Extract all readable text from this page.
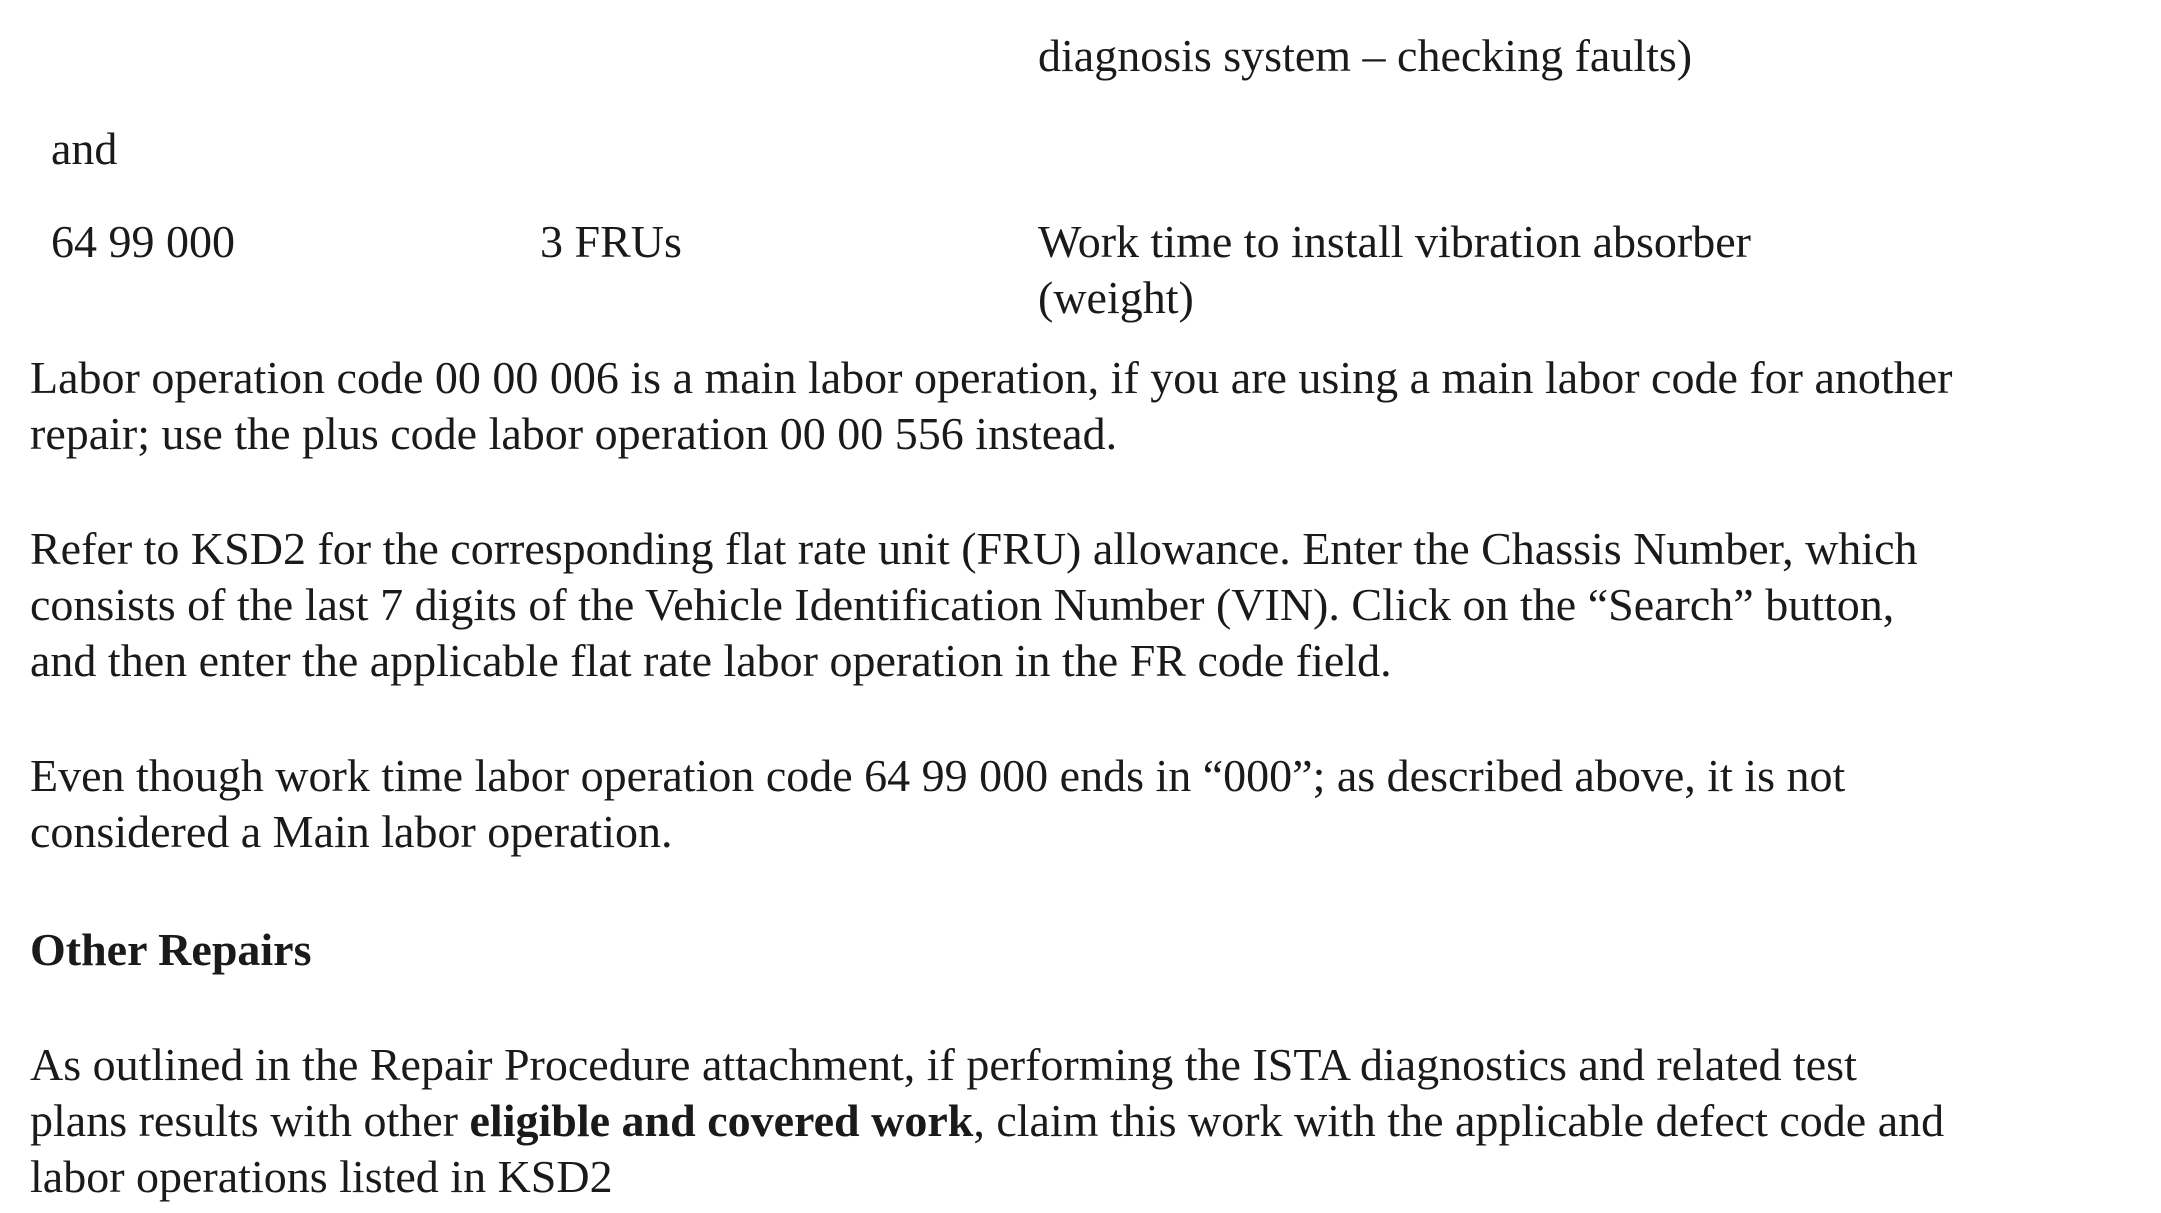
diagnosis system – checking faults)
and
64 99 000	3 FRUs	Work time to install vibration absorber
(weight)
Labor operation code 00 00 006 is a main labor operation, if you are using a main labor code for another
repair; use the plus code labor operation 00 00 556 instead.
Refer to KSD2 for the corresponding flat rate unit (FRU) allowance. Enter the Chassis Number, which
consists of the last 7 digits of the Vehicle Identification Number (VIN). Click on the “Search” button,
and then enter the applicable flat rate labor operation in the FR code field.
Even though work time labor operation code 64 99 000 ends in “000”; as described above, it is not
considered a Main labor operation.
Other Repairs
As outlined in the Repair Procedure attachment, if performing the ISTA diagnostics and related test
plans results with other eligible and covered work, claim this work with the applicable defect code and
labor operations listed in KSD2
